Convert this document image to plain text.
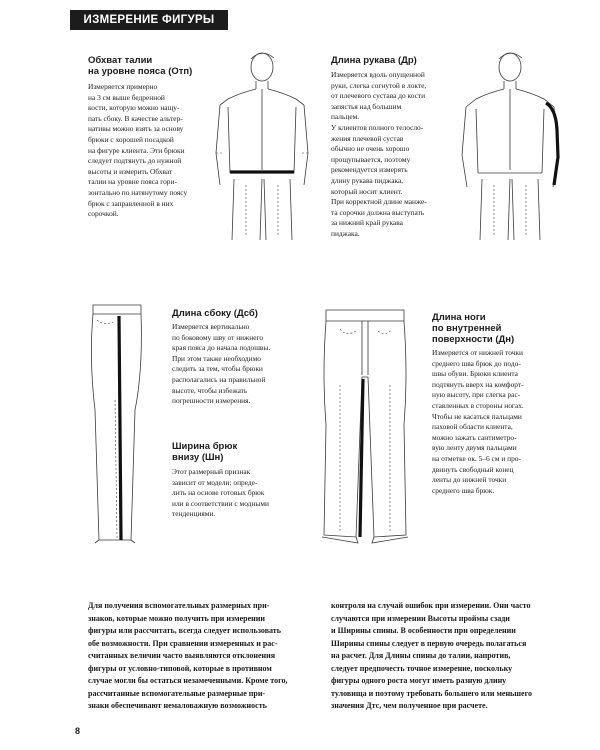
ИЗМЕРЕНИЕ ФИГУРЫ

Обхват талии
на уровне пояса (Отп)

Измеряется примерно
на 3 см выше бедренной
кости, которую можно нащу-
пать сбоку. В качестве альтер-
нативы можно взять за основу
брюки с хорошей посадкой
на фигуре клиента. Эти брюки
следует подтянуть до нужной
высоты и измерить Обхват
талии на уровне пояса гори-
зонтально по натянутому поясу
брюк с заправленной в них
сорочкой.

Длина рукава (Др)

Измеряется вдоль опущенной
руки, слегка согнутой в локте,
от плечевого сустава до кости
запястья над большим
пальцем.
У клиентов полного телосло-
жения плечевой сустав
обычно не очень хорошо
прощупывается, поэтому
рекомендуется измерять
длину рукава пиджака,
который носит клиент.
При корректной длине манже-
та сорочки должна выступать
за нижний край рукава
пиджака.

Длина сбоку (Дсб)

Измеряется вертикально
по боковому шву от нижнего
края пояса до начала подошвы.
При этом также необходимо
следить за тем, чтобы брюки
располагались на правильной
высоте, чтобы избежать
погрешности измерения.

Ширина брюк
внизу (Шн)

Этот размерный признак
зависит от модели: опреде-
лить на основе готовых брюк
или в соответствии с модными
тенденциями.

Длина ноги
по внутренней
поверхности (Дн)

Измеряется от нижней точки
среднего шва брюк до подо-
швы обуви. Брюки клиента
подтянуть вверх на комфорт-
ную высоту, при слегка рас-
ставленных в стороны ногах.
Чтобы не касаться пальцами
паховой области клиента,
можно зажать сантиметро-
вую ленту двумя пальцами
на отметке ок. 5–6 см и про-
двинуть свободный конец
ленты до нижней точки
среднего шва брюк.

Для получения вспомогательных размерных при-
знаков, которые можно получить при измерении
фигуры или рассчитать, всегда следует использовать
обе возможности. При сравнении измеренных и рас-
считанных величин часто выявляются отклонения
фигуры от условно-типовой, которые в противном
случае могли бы остаться незамеченными. Кроме того,
рассчитанные вспомогательные размерные при-
знаки обеспечивают немаловажную возможность

контроля на случай ошибок при измерении. Они часто
случаются при измерении Высоты проймы сзади
и Ширины спины. В особенности при определении
Ширины спины следует в первую очередь полагаться
на расчет. Для Длины спины до талии, напротив,
следует предпочесть точное измерение, поскольку
фигуры одного роста могут иметь разную длину
туловища и поэтому требовать большего или меньшего
значения Дтс, чем полученное при расчете.

8
